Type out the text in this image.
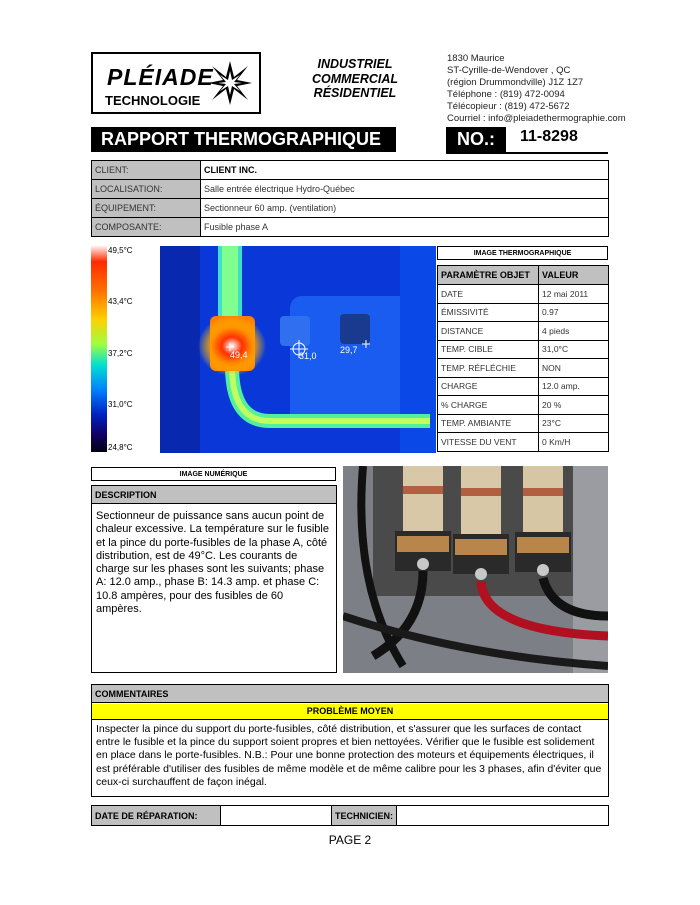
PLÉIADE
TECHNOLOGIE
INDUSTRIEL
COMMERCIAL
RÉSIDENTIEL
1830 Maurice
ST-Cyrille-de-Wendover , QC
(région Drummondville) J1Z 1Z7
Téléphone : (819) 472-0094
Télécopieur : (819) 472-5672
Courriel : info@pleiadethermographie.com
RAPPORT THERMOGRAPHIQUE	NO.:	11-8298
CLIENT:	CLIENT INC.
LOCALISATION:	Salle entrée électrique Hydro-Québec
ÉQUIPEMENT:	Sectionneur 60 amp. (ventilation)
COMPOSANTE:	Fusible phase A
49,5°C
43,4°C
37,2°C
31,0°C
24,8°C
49,4	31,0
29,7
IMAGE THERMOGRAPHIQUE
PARAMÈTRE OBJET	VALEUR
DATE	12 mai 2011
ÉMISSIVITÉ	0.97
DISTANCE	4 pieds
TEMP. CIBLE	31,0°C
TEMP. RÉFLÉCHIE	NON
CHARGE	12.0 amp.
% CHARGE	20 %
TEMP. AMBIANTE	23°C
VITESSE DU VENT	0 Km/H
IMAGE NUMÉRIQUE
DESCRIPTION
Sectionneur de puissance sans aucun point de chaleur excessive. La température sur le fusible et la pince du porte-fusibles de la phase A, côté distribution, est de 49°C. Les courants de charge sur les phases sont les suivants; phase A: 12.0 amp., phase B: 14.3 amp. et phase C: 10.8 ampères, pour des fusibles de 60 ampères.
COMMENTAIRES
PROBLÈME MOYEN
Inspecter la pince du support du porte-fusibles, côté distribution, et s'assurer que les surfaces de contact entre le fusible et la pince du support soient propres et bien nettoyées. Vérifier que le fusible est solidement en place dans le porte-fusibles. N.B.: Pour une bonne protection des moteurs et équipements électriques, il est préférable d'utiliser des fusibles de même modèle et de même calibre pour les 3 phases, afin d'éviter que ceux-ci surchauffent de façon inégal.
DATE DE RÉPARATION:		TECHNICIEN:	
PAGE 2
